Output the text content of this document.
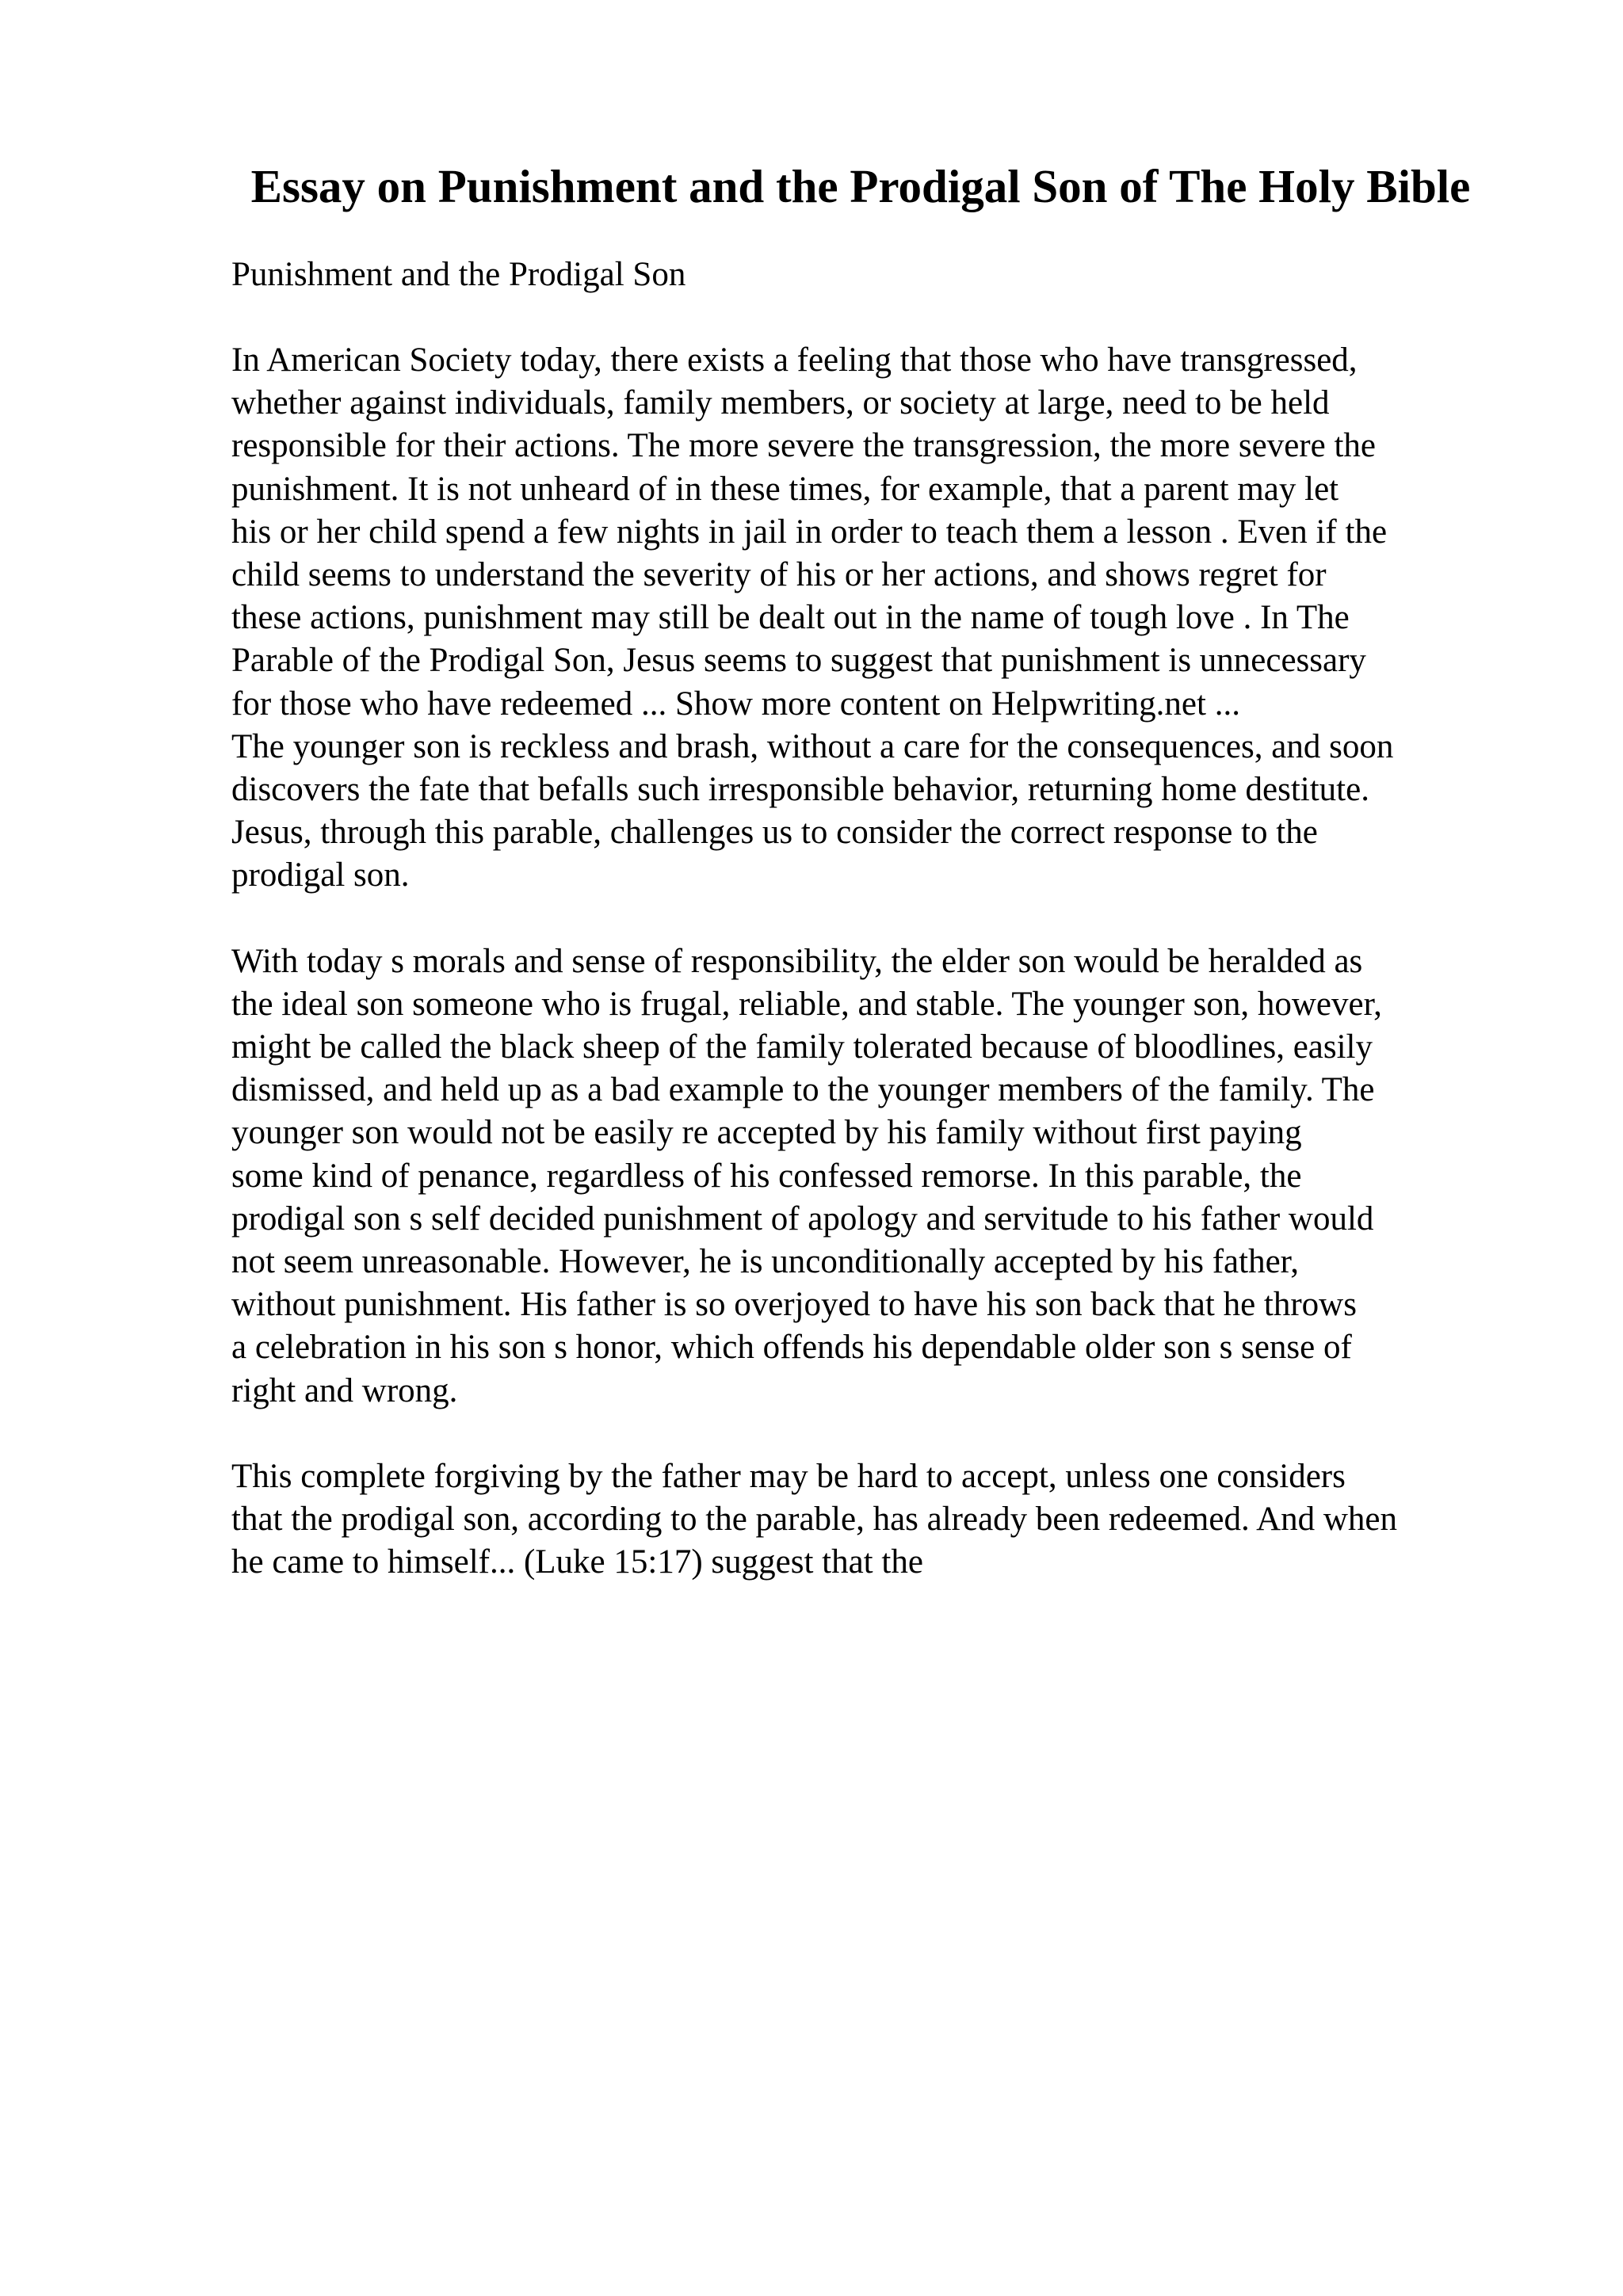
Essay on Punishment and the Prodigal Son of The Holy Bible
Punishment and the Prodigal Son
In American Society today, there exists a feeling that those who have transgressed,
whether against individuals, family members, or society at large, need to be held
responsible for their actions. The more severe the transgression, the more severe the
punishment. It is not unheard of in these times, for example, that a parent may let
his or her child spend a few nights in jail in order to teach them a lesson . Even if the
child seems to understand the severity of his or her actions, and shows regret for
these actions, punishment may still be dealt out in the name of tough love . In The
Parable of the Prodigal Son, Jesus seems to suggest that punishment is unnecessary
for those who have redeemed ... Show more content on Helpwriting.net ...
The younger son is reckless and brash, without a care for the consequences, and soon
discovers the fate that befalls such irresponsible behavior, returning home destitute.
Jesus, through this parable, challenges us to consider the correct response to the
prodigal son.
With today s morals and sense of responsibility, the elder son would be heralded as
the ideal son someone who is frugal, reliable, and stable. The younger son, however,
might be called the black sheep of the family tolerated because of bloodlines, easily
dismissed, and held up as a bad example to the younger members of the family. The
younger son would not be easily re accepted by his family without first paying
some kind of penance, regardless of his confessed remorse. In this parable, the
prodigal son s self decided punishment of apology and servitude to his father would
not seem unreasonable. However, he is unconditionally accepted by his father,
without punishment. His father is so overjoyed to have his son back that he throws
a celebration in his son s honor, which offends his dependable older son s sense of
right and wrong.
This complete forgiving by the father may be hard to accept, unless one considers
that the prodigal son, according to the parable, has already been redeemed. And when
he came to himself... (Luke 15:17) suggest that the
